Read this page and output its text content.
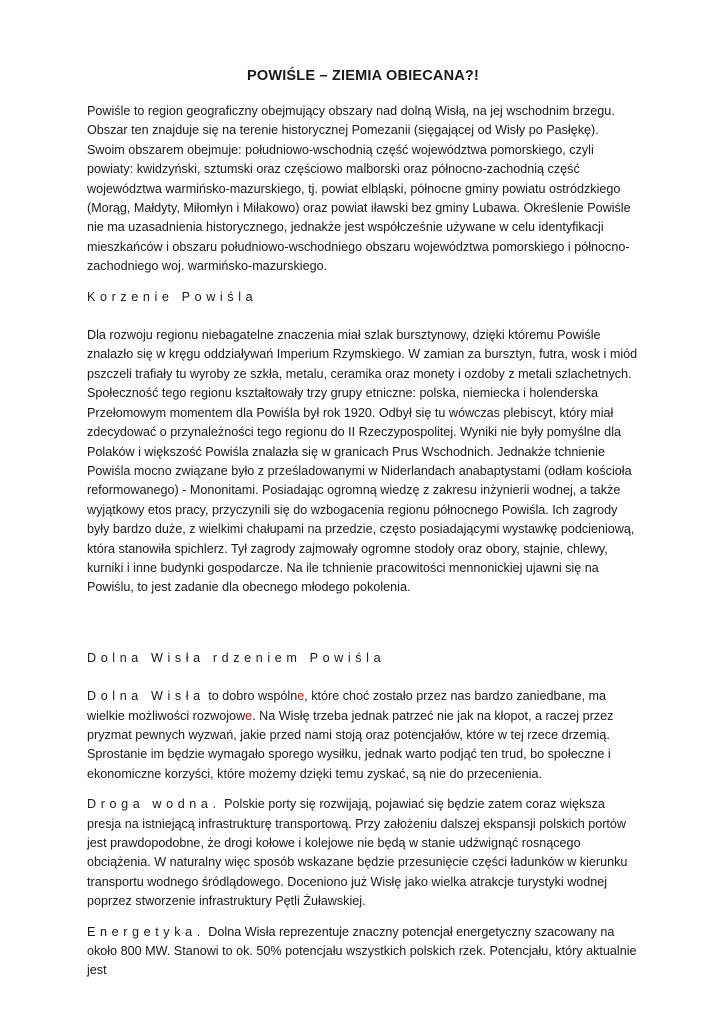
POWIŚLE – ZIEMIA OBIECANA?!

Powiśle to region geograficzny obejmujący obszary nad dolną Wisłą, na jej wschodnim brzegu. Obszar ten znajduje się na terenie historycznej Pomezanii (sięgającej od Wisły po Pasłękę). Swoim obszarem obejmuje: południowo-wschodnią część województwa pomorskiego, czyli powiaty: kwidzyński, sztumski oraz częściowo malborski oraz północno-zachodnią część województwa warmińsko-mazurskiego, tj. powiat elbląski, północne gminy powiatu ostródzkiego (Morąg, Małdyty, Miłomłyn i Miłakowo) oraz powiat iławski bez gminy Lubawa. Określenie Powiśle nie ma uzasadnienia historycznego, jednakże jest współcześnie używane w celu identyfikacji mieszkańców i obszaru południowo-wschodniego obszaru województwa pomorskiego i północno-zachodniego woj. warmińsko-mazurskiego.

Korzenie Powiśla

Dla rozwoju regionu niebagatelne znaczenia miał szlak bursztynowy, dzięki któremu Powiśle znalazło się w kręgu oddziaływań Imperium Rzymskiego. W zamian za bursztyn, futra, wosk i miód pszczeli trafiały tu wyroby ze szkła, metalu, ceramika oraz monety i ozdoby z metali szlachetnych. Społeczność tego regionu kształtowały trzy grupy etniczne: polska, niemiecka i holenderska Przełomowym momentem dla Powiśla był rok 1920. Odbył się tu wówczas plebiscyt, który miał zdecydować o przynależności tego regionu do II Rzeczypospolitej. Wyniki nie były pomyślne dla Polaków i większość Powiśla znalazła się w granicach Prus Wschodnich. Jednakże tchnienie Powiśla mocno związane było z prześladowanymi w Niderlandach anabaptystami (odłam kościoła reformowanego) - Mononitami. Posiadając ogromną wiedzę z zakresu inżynierii wodnej, a także wyjątkowy etos pracy, przyczynili się do wzbogacenia regionu północnego Powiśla. Ich zagrody były bardzo duże, z wielkimi chałupami na przedzie, często posiadającymi wystawkę podcieniową, która stanowiła spichlerz. Tył zagrody zajmowały ogromne stodoły oraz obory, stajnie, chlewy, kurniki i inne budynki gospodarcze. Na ile tchnienie pracowitości mennonickiej ujawni się na Powiślu, to jest zadanie dla obecnego młodego pokolenia.

Dolna Wisła rdzeniem Powiśla

Dolna Wisła to dobro wspólne, które choć zostało przez nas bardzo zaniedbane, ma wielkie możliwości rozwojowe. Na Wisłę trzeba jednak patrzeć nie jak na kłopot, a raczej przez pryzmat pewnych wyzwań, jakie przed nami stoją oraz potencjałów, które w tej rzece drzemią. Sprostanie im będzie wymagało sporego wysiłku, jednak warto podjąć ten trud, bo społeczne i ekonomiczne korzyści, które możemy dzięki temu zyskać, są nie do przecenienia.

Droga wodna. Polskie porty się rozwijają, pojawiać się będzie zatem coraz większa presja na istniejącą infrastrukturę transportową. Przy założeniu dalszej ekspansji polskich portów jest prawdopodobne, że drogi kołowe i kolejowe nie będą w stanie udźwignąć rosnącego obciążenia. W naturalny więc sposób wskazane będzie przesunięcie części ładunków w kierunku transportu wodnego śródlądowego. Doceniono już Wisłę jako wielka atrakcje turystyki wodnej poprzez stworzenie infrastruktury Pętli Żuławskiej.

Energetyka. Dolna Wisła reprezentuje znaczny potencjał energetyczny szacowany na około 800 MW. Stanowi to ok. 50% potencjału wszystkich polskich rzek. Potencjału, który aktualnie jest
